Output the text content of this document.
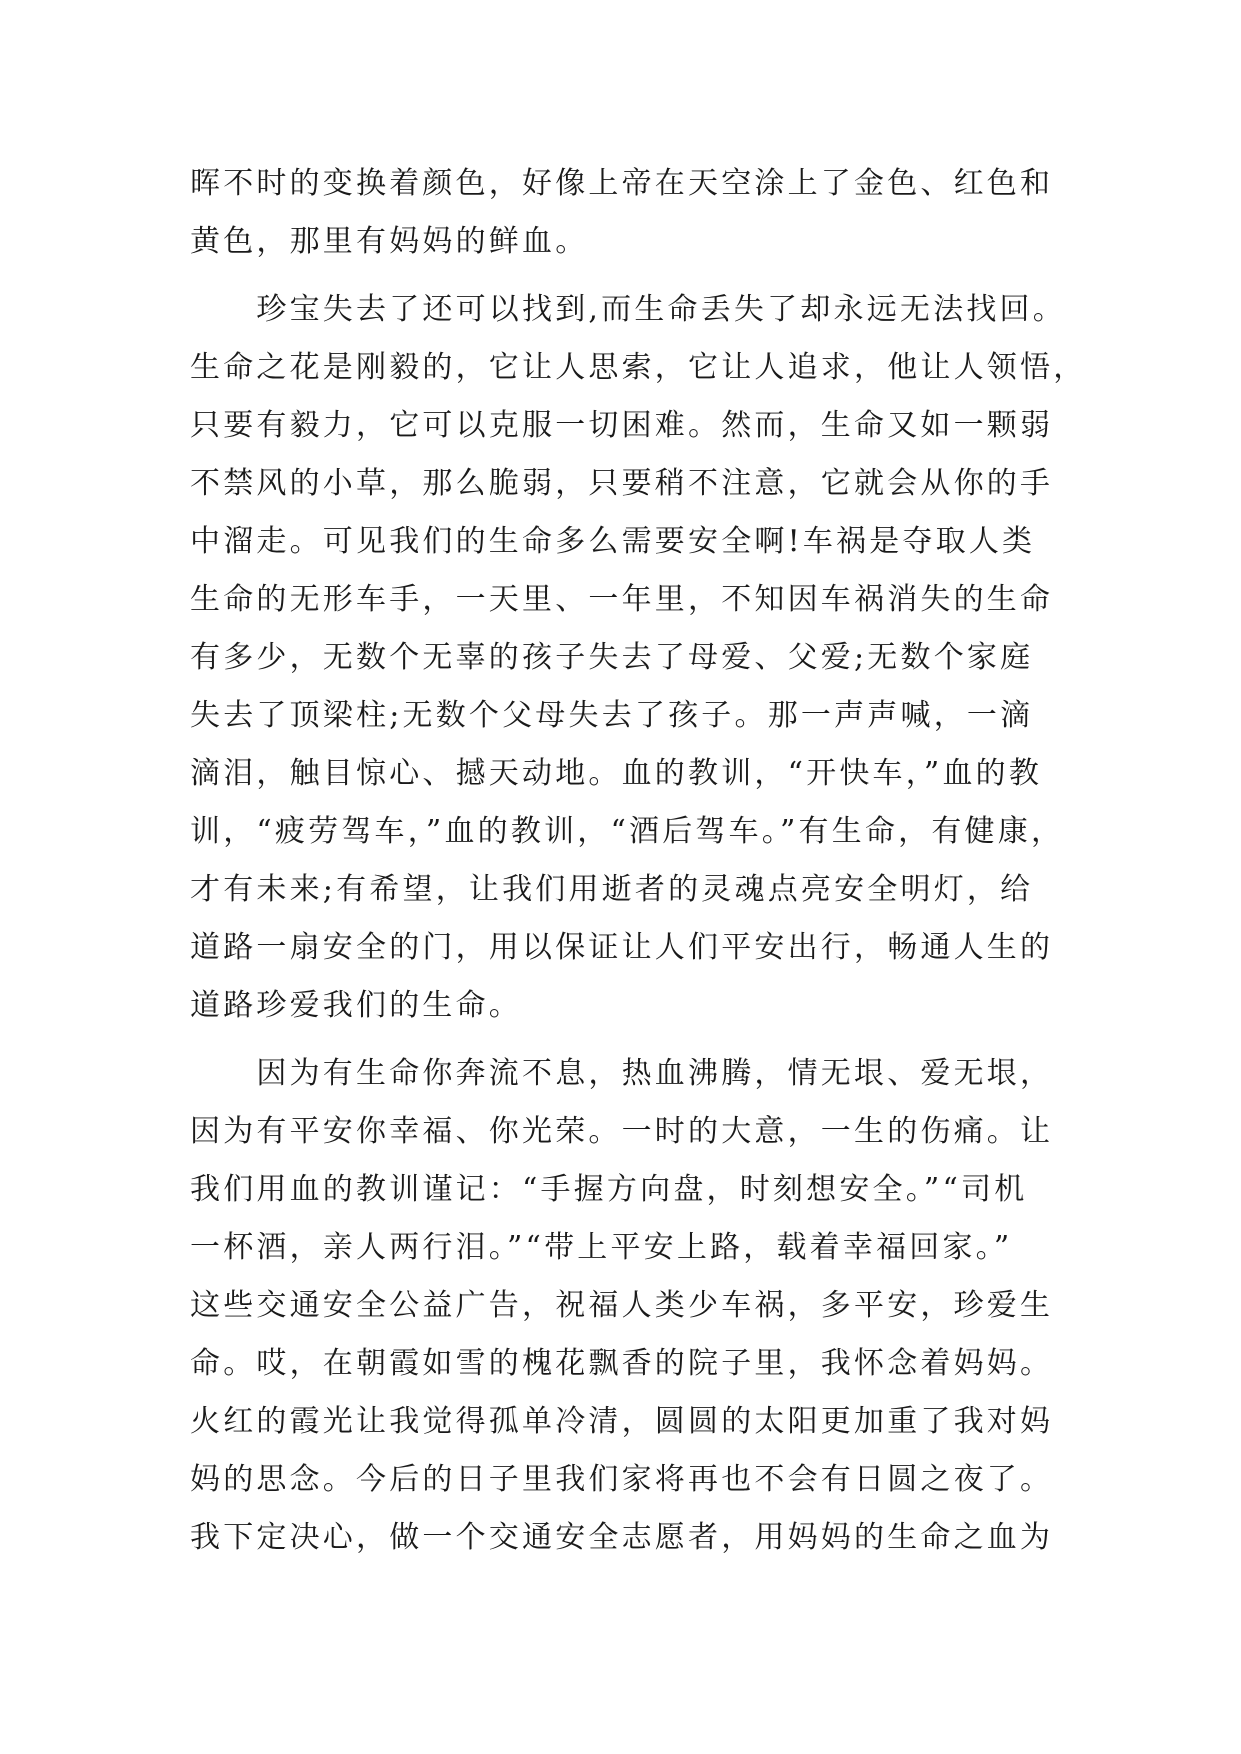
晖不时的变换着颜色，好像上帝在天空涂上了金色、红色和
黄色，那里有妈妈的鲜血。
　　珍宝失去了还可以找到,而生命丢失了却永远无法找回。
生命之花是刚毅的，它让人思索，它让人追求，他让人领悟，
只要有毅力，它可以克服一切困难。然而，生命又如一颗弱
不禁风的小草，那么脆弱，只要稍不注意，它就会从你的手
中溜走。可见我们的生命多么需要安全啊!车祸是夺取人类
生命的无形车手，一天里、一年里，不知因车祸消失的生命
有多少，无数个无辜的孩子失去了母爱、父爱;无数个家庭
失去了顶梁柱;无数个父母失去了孩子。那一声声喊，一滴
滴泪，触目惊心、撼天动地。血的教训，“开快车，”血的教
训，“疲劳驾车，”血的教训，“酒后驾车。”有生命，有健康，
才有未来;有希望，让我们用逝者的灵魂点亮安全明灯，给
道路一扇安全的门，用以保证让人们平安出行，畅通人生的
道路珍爱我们的生命。
　　因为有生命你奔流不息，热血沸腾，情无垠、爱无垠，
因为有平安你幸福、你光荣。一时的大意，一生的伤痛。让
我们用血的教训谨记：“手握方向盘，时刻想安全。”“司机
一杯酒，亲人两行泪。”“带上平安上路，载着幸福回家。”
这些交通安全公益广告，祝福人类少车祸，多平安，珍爱生
命。哎，在朝霞如雪的槐花飘香的院子里，我怀念着妈妈。
火红的霞光让我觉得孤单冷清，圆圆的太阳更加重了我对妈
妈的思念。今后的日子里我们家将再也不会有日圆之夜了。
我下定决心，做一个交通安全志愿者，用妈妈的生命之血为
